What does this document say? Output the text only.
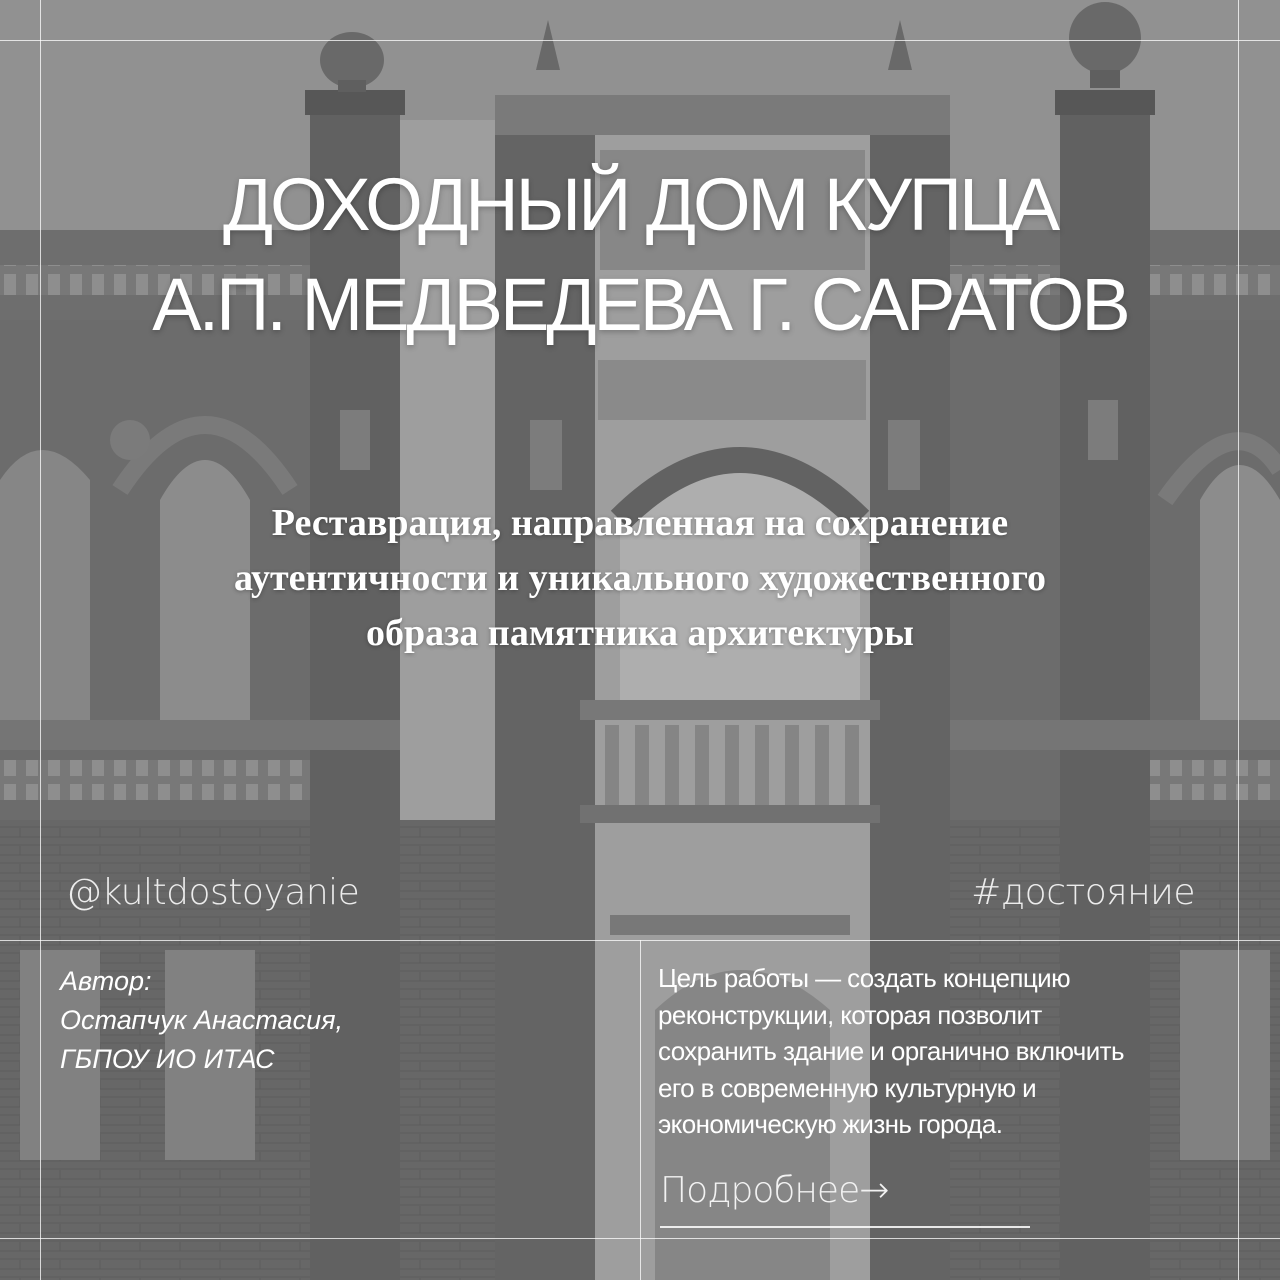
ДОХОДНЫЙ ДОМ КУПЦА
А.П. МЕДВЕДЕВА Г. САРАТОВ
Реставрация, направленная на сохранение
аутентичности и уникального художественного
образа памятника архитектуры
@kultdostoyanie	#достояние
Автор:
Остапчук Анастасия,
ГБПОУ ИО ИТАС
Цель работы — создать концепцию
реконструкции, которая позволит
сохранить здание и органично включить
его в современную культурную и
экономическую жизнь города.
Подробнее→
